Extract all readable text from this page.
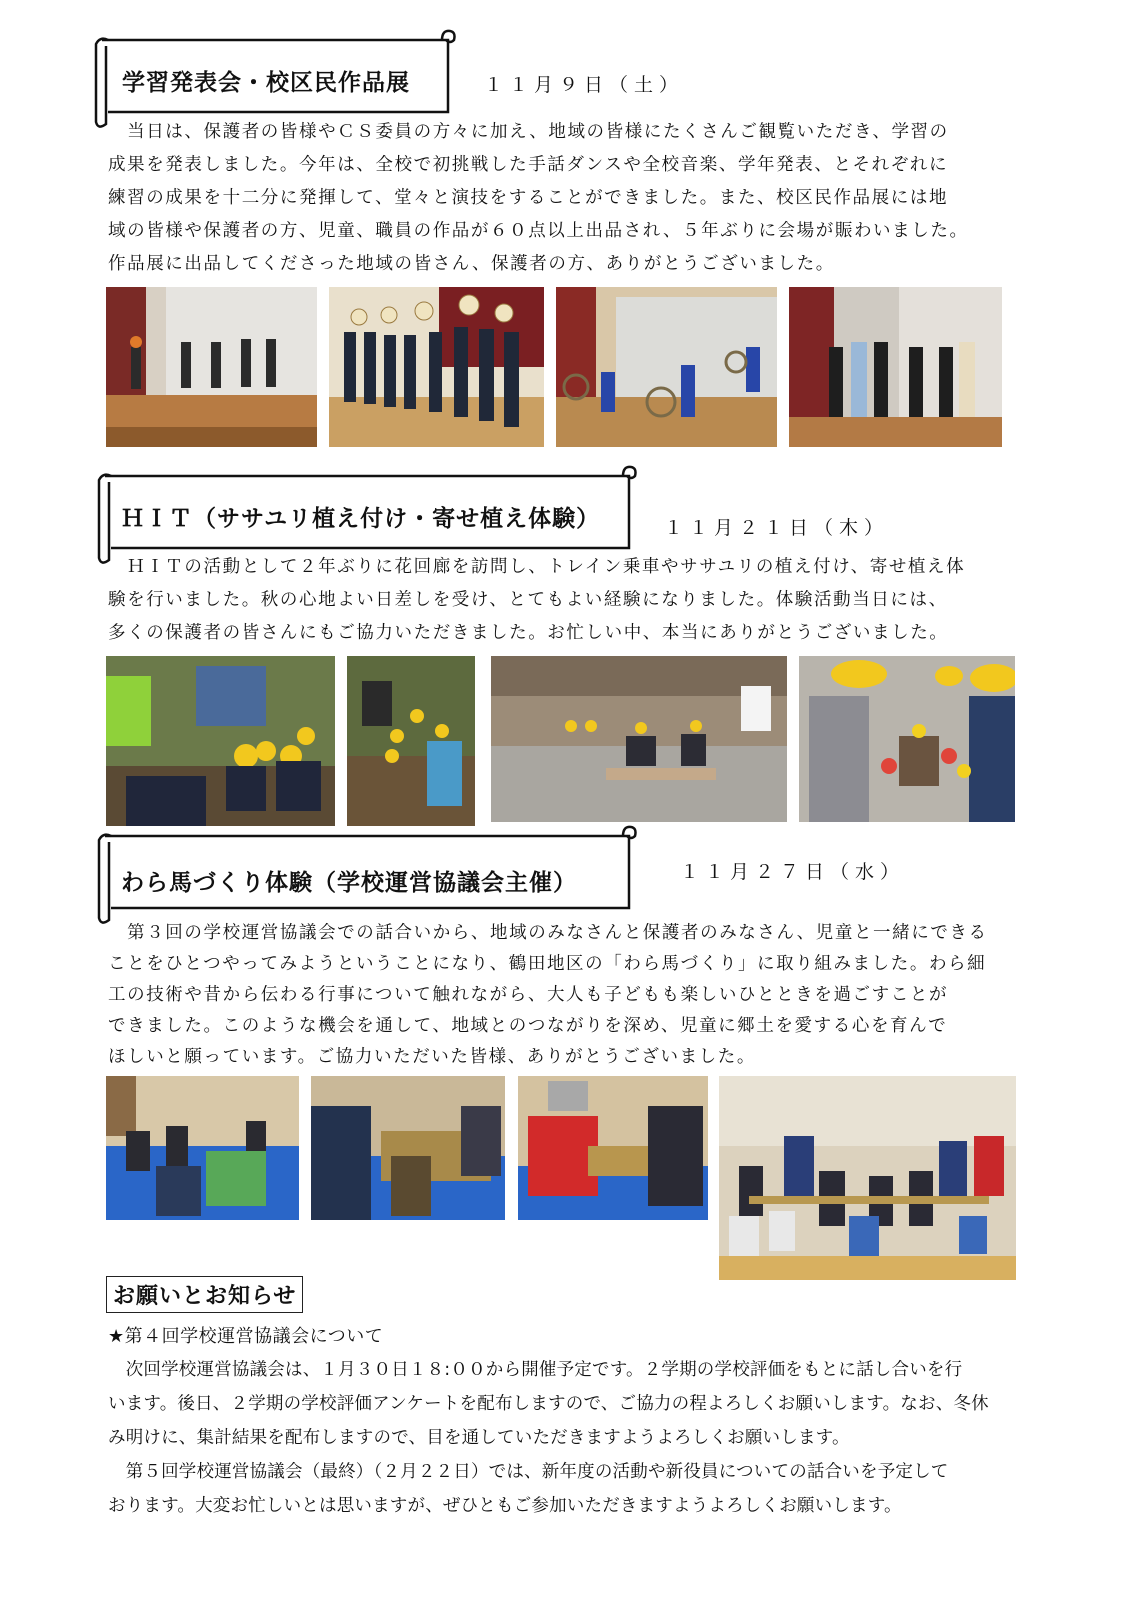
学習発表会・校区民作品展	１１月９日（土）
　当日は、保護者の皆様やＣＳ委員の方々に加え、地域の皆様にたくさんご観覧いただき、学習の
成果を発表しました。今年は、全校で初挑戦した手話ダンスや全校音楽、学年発表、とそれぞれに
練習の成果を十二分に発揮して、堂々と演技をすることができました。また、校区民作品展には地
域の皆様や保護者の方、児童、職員の作品が６０点以上出品され、５年ぶりに会場が賑わいました。
作品展に出品してくださった地域の皆さん、保護者の方、ありがとうございました。
ＨＩＴ（ササユリ植え付け・寄せ植え体験）	１１月２１日（木）
　ＨＩＴの活動として２年ぶりに花回廊を訪問し、トレイン乗車やササユリの植え付け、寄せ植え体
験を行いました。秋の心地よい日差しを受け、とてもよい経験になりました。体験活動当日には、
多くの保護者の皆さんにもご協力いただきました。お忙しい中、本当にありがとうございました。
わら馬づくり体験（学校運営協議会主催）	１１月２７日（水）
　第３回の学校運営協議会での話合いから、地域のみなさんと保護者のみなさん、児童と一緒にできる
ことをひとつやってみようということになり、鶴田地区の「わら馬づくり」に取り組みました。わら細
工の技術や昔から伝わる行事について触れながら、大人も子どもも楽しいひとときを過ごすことが
できました。このような機会を通して、地域とのつながりを深め、児童に郷土を愛する心を育んで
ほしいと願っています。ご協力いただいた皆様、ありがとうございました。
お願いとお知らせ
★第４回学校運営協議会について
　次回学校運営協議会は、１月３０日１８:００から開催予定です。２学期の学校評価をもとに話し合いを行
います。後日、２学期の学校評価アンケートを配布しますので、ご協力の程よろしくお願いします。なお、冬休
み明けに、集計結果を配布しますので、目を通していただきますようよろしくお願いします。
　第５回学校運営協議会（最終）（２月２２日）では、新年度の活動や新役員についての話合いを予定して
おります。大変お忙しいとは思いますが、ぜひともご参加いただきますようよろしくお願いします。
